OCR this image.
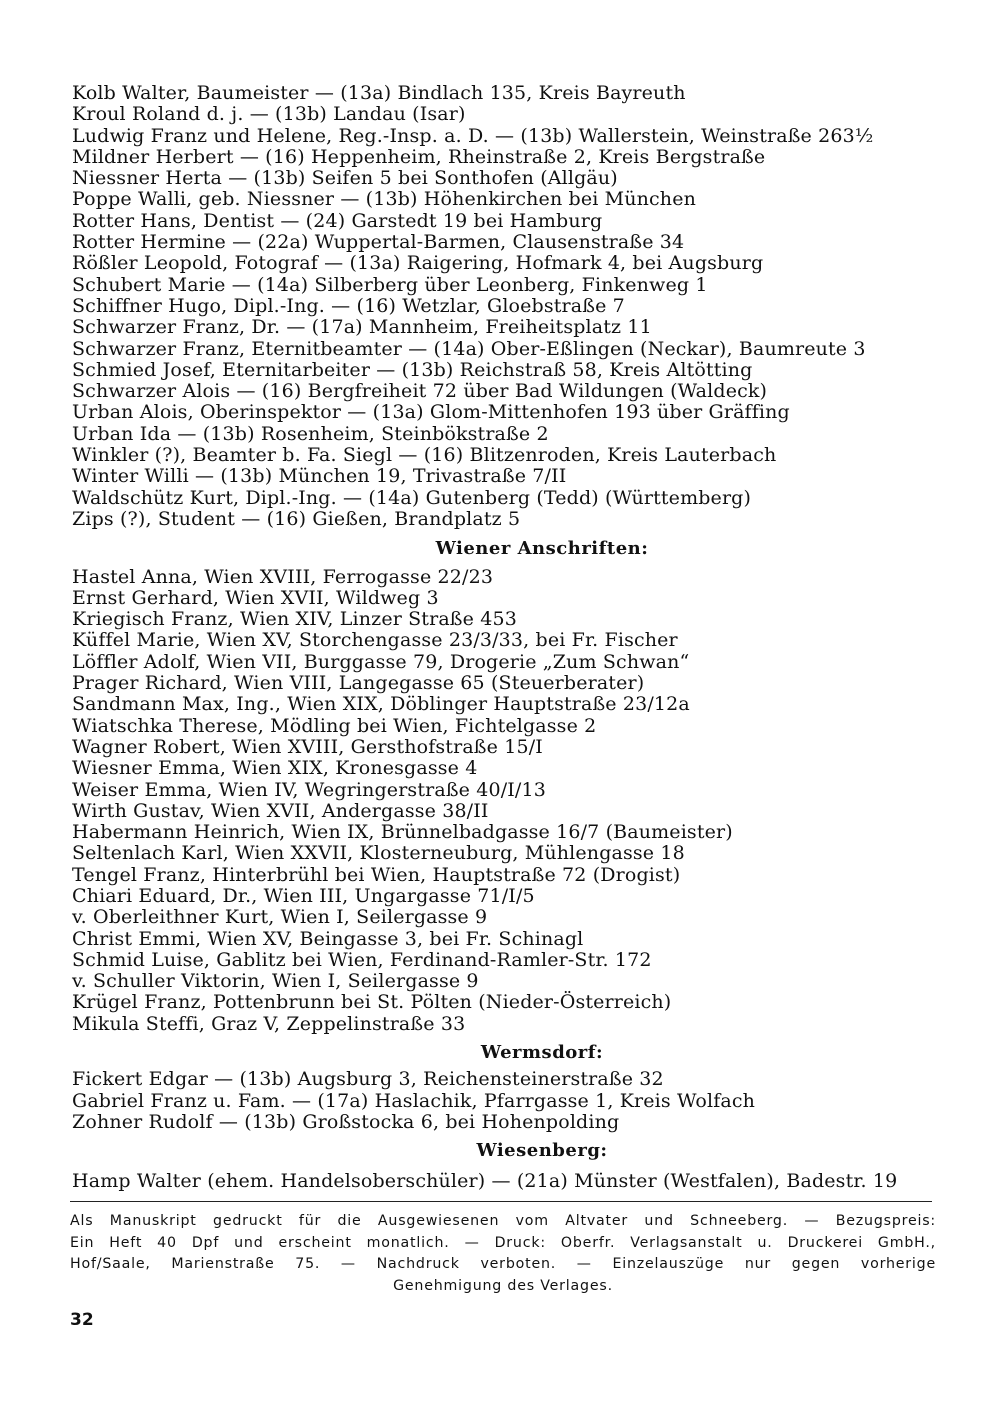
Kolb Walter, Baumeister — (13a) Bindlach 135, Kreis Bayreuth
Kroul Roland d. j. — (13b) Landau (Isar)
Ludwig Franz und Helene, Reg.-Insp. a. D. — (13b) Wallerstein, Weinstraße 263½
Mildner Herbert — (16) Heppenheim, Rheinstraße 2, Kreis Bergstraße
Niessner Herta — (13b) Seifen 5 bei Sonthofen (Allgäu)
Poppe Walli, geb. Niessner — (13b) Höhenkirchen bei München
Rotter Hans, Dentist — (24) Garstedt 19 bei Hamburg
Rotter Hermine — (22a) Wuppertal-Barmen, Clausenstraße 34
Rößler Leopold, Fotograf — (13a) Raigering, Hofmark 4, bei Augsburg
Schubert Marie — (14a) Silberberg über Leonberg, Finkenweg 1
Schiffner Hugo, Dipl.-Ing. — (16) Wetzlar, Gloebstraße 7
Schwarzer Franz, Dr. — (17a) Mannheim, Freiheitsplatz 11
Schwarzer Franz, Eternitbeamter — (14a) Ober-Eßlingen (Neckar), Baumreute 3
Schmied Josef, Eternitarbeiter — (13b) Reichstraß 58, Kreis Altötting
Schwarzer Alois — (16) Bergfreiheit 72 über Bad Wildungen (Waldeck)
Urban Alois, Oberinspektor — (13a) Glom-Mittenhofen 193 über Gräffing
Urban Ida — (13b) Rosenheim, Steinbökstraße 2
Winkler (?), Beamter b. Fa. Siegl — (16) Blitzenroden, Kreis Lauterbach
Winter Willi — (13b) München 19, Trivastraße 7/II
Waldschütz Kurt, Dipl.-Ing. — (14a) Gutenberg (Tedd) (Württemberg)
Zips (?), Student — (16) Gießen, Brandplatz 5
Wiener Anschriften:
Hastel Anna, Wien XVIII, Ferrogasse 22/23
Ernst Gerhard, Wien XVII, Wildweg 3
Kriegisch Franz, Wien XIV, Linzer Straße 453
Küffel Marie, Wien XV, Storchengasse 23/3/33, bei Fr. Fischer
Löffler Adolf, Wien VII, Burggasse 79, Drogerie „Zum Schwan“
Prager Richard, Wien VIII, Langegasse 65 (Steuerberater)
Sandmann Max, Ing., Wien XIX, Döblinger Hauptstraße 23/12a
Wiatschka Therese, Mödling bei Wien, Fichtelgasse 2
Wagner Robert, Wien XVIII, Gersthofstraße 15/I
Wiesner Emma, Wien XIX, Kronesgasse 4
Weiser Emma, Wien IV, Wegringerstraße 40/I/13
Wirth Gustav, Wien XVII, Andergasse 38/II
Habermann Heinrich, Wien IX, Brünnelbadgasse 16/7 (Baumeister)
Seltenlach Karl, Wien XXVII, Klosterneuburg, Mühlengasse 18
Tengel Franz, Hinterbrühl bei Wien, Hauptstraße 72 (Drogist)
Chiari Eduard, Dr., Wien III, Ungargasse 71/I/5
v. Oberleithner Kurt, Wien I, Seilergasse 9
Christ Emmi, Wien XV, Beingasse 3, bei Fr. Schinagl
Schmid Luise, Gablitz bei Wien, Ferdinand-Ramler-Str. 172
v. Schuller Viktorin, Wien I, Seilergasse 9
Krügel Franz, Pottenbrunn bei St. Pölten (Nieder-Österreich)
Mikula Steffi, Graz V, Zeppelinstraße 33
Wermsdorf:
Fickert Edgar — (13b) Augsburg 3, Reichensteinerstraße 32
Gabriel Franz u. Fam. — (17a) Haslachik, Pfarrgasse 1, Kreis Wolfach
Zohner Rudolf — (13b) Großstocka 6, bei Hohenpolding
Wiesenberg:
Hamp Walter (ehem. Handelsoberschüler) — (21a) Münster (Westfalen), Badestr. 19
Als Manuskript gedruckt für die Ausgewiesenen vom Altvater und Schneeberg. — Bezugspreis:
Ein Heft 40 Dpf und erscheint monatlich. — Druck: Oberfr. Verlagsanstalt u. Druckerei GmbH.,
Hof/Saale, Marienstraße 75. — Nachdruck verboten. — Einzelauszüge nur gegen vorherige
Genehmigung des Verlages.
32
